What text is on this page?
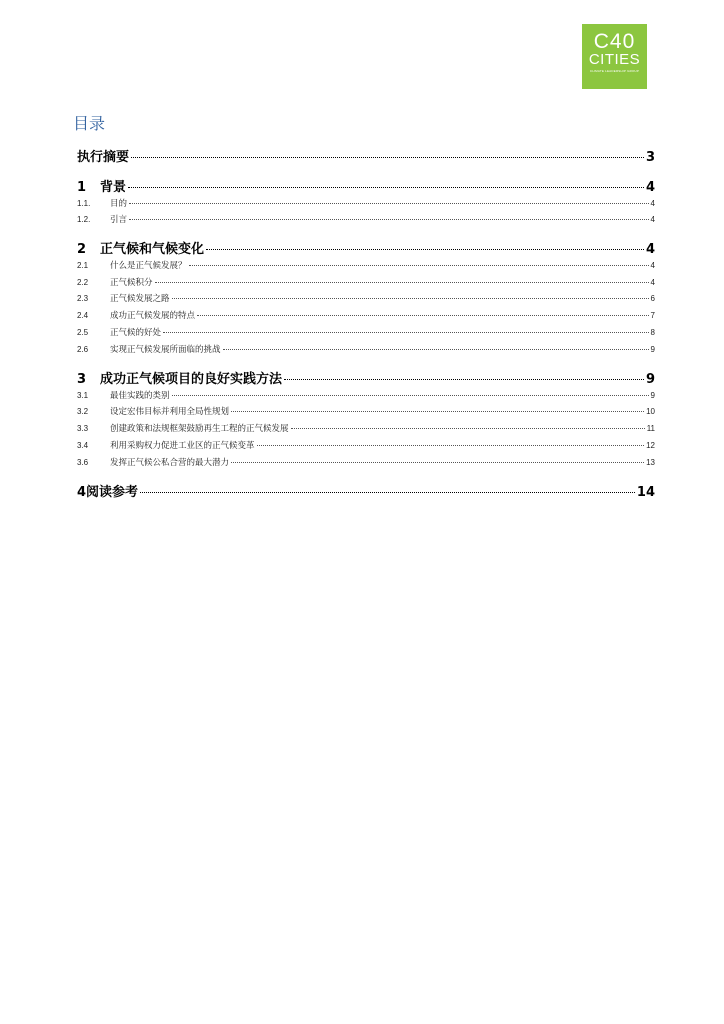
C40
CITIES
CLIMATE LEADERSHIP GROUP
目录
执行摘要	3
1	背景	4
1.1.	目的	4
1.2.	引言	4
2	正气候和气候变化	4
2.1	什么是正气候发展？	4
2.2	正气候积分	4
2.3	正气候发展之路	6
2.4	成功正气候发展的特点	7
2.5	正气候的好处	8
2.6	实现正气候发展所面临的挑战	9
3	成功正气候项目的良好实践方法	9
3.1	最佳实践的类别	9
3.2	设定宏伟目标并利用全局性规划	10
3.3	创建政策和法规框架鼓励再生工程的正气候发展	11
3.4	利用采购权力促进工业区的正气候变革	12
3.6	发挥正气候公私合营的最大潜力	13
4 阅读参考	14
